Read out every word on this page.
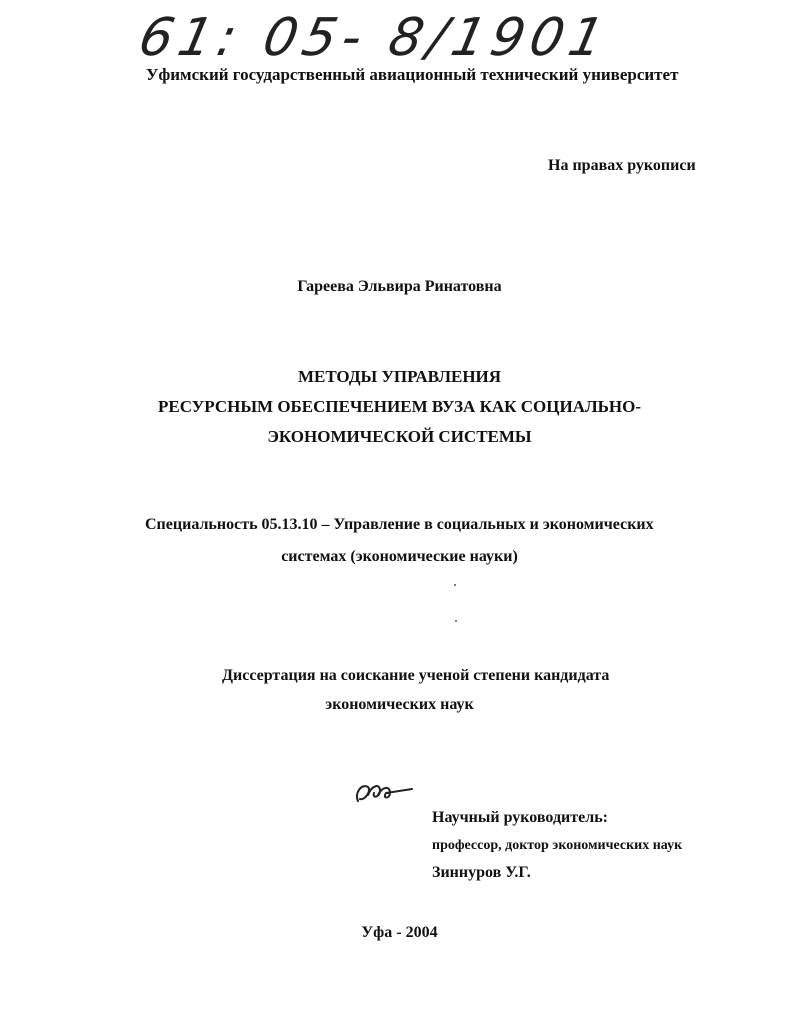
61: 05- 8/1901
Уфимский государственный авиационный технический университет
На правах рукописи
Гареева Эльвира Ринатовна
МЕТОДЫ УПРАВЛЕНИЯ
РЕСУРСНЫМ ОБЕСПЕЧЕНИЕМ ВУЗА КАК СОЦИАЛЬНО-
ЭКОНОМИЧЕСКОЙ СИСТЕМЫ
Специальность 05.13.10 – Управление в социальных и экономических
системах (экономические науки)
Диссертация на соискание ученой степени кандидата
экономических наук
Научный руководитель:
профессор, доктор экономических наук
Зиннуров У.Г.
Уфа - 2004
